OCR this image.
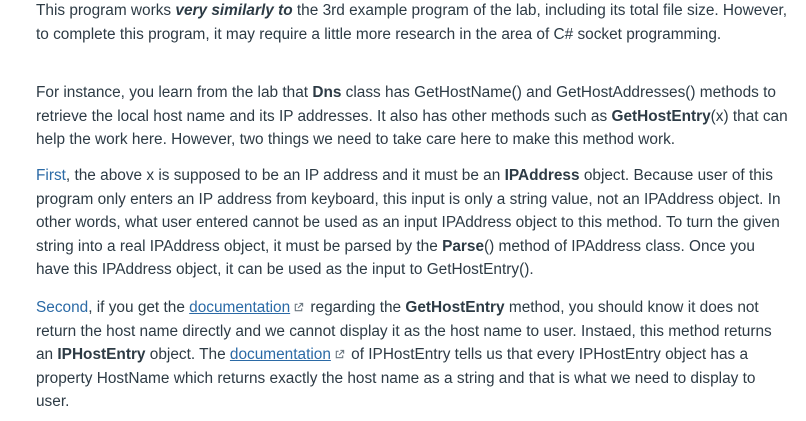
This program works very similarly to the 3rd example program of the lab, including its total file size. However, to complete this program, it may require a little more research in the area of C# socket programming.

For instance, you learn from the lab that Dns class has GetHostName() and GetHostAddresses() methods to retrieve the local host name and its IP addresses. It also has other methods such as GetHostEntry(x) that can help the work here. However, two things we need to take care here to make this method work.

First, the above x is supposed to be an IP address and it must be an IPAddress object. Because user of this program only enters an IP address from keyboard, this input is only a string value, not an IPAddress object. In other words, what user entered cannot be used as an input IPAddress object to this method. To turn the given string into a real IPAddress object, it must be parsed by the Parse() method of IPAddress class. Once you have this IPAddress object, it can be used as the input to GetHostEntry().

Second, if you get the documentation regarding the GetHostEntry method, you should know it does not return the host name directly and we cannot display it as the host name to user. Instaed, this method returns an IPHostEntry object. The documentation of IPHostEntry tells us that every IPHostEntry object has a property HostName which returns exactly the host name as a string and that is what we need to display to user.
